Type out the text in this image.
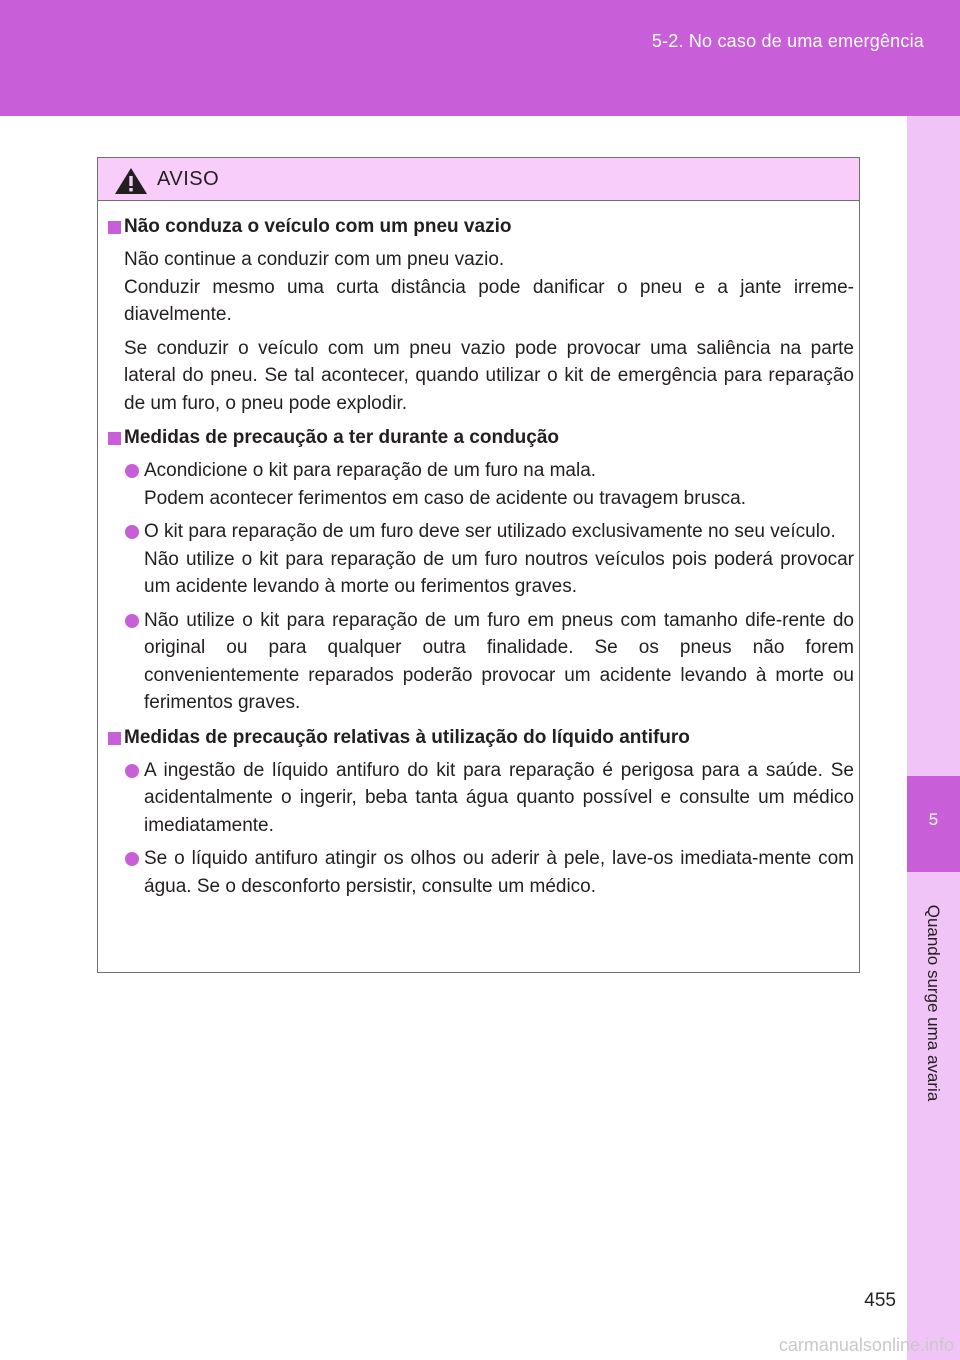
5-2. No caso de uma emergência
5
Quando surge uma avaria
AVISO
Não conduza o veículo com um pneu vazio
Não continue a conduzir com um pneu vazio.
Conduzir mesmo uma curta distância pode danificar o pneu e a jante irreme-diavelmente.
Se conduzir o veículo com um pneu vazio pode provocar uma saliência na parte lateral do pneu. Se tal acontecer, quando utilizar o kit de emergência para reparação de um furo, o pneu pode explodir.
Medidas de precaução a ter durante a condução
Acondicione o kit para reparação de um furo na mala.
Podem acontecer ferimentos em caso de acidente ou travagem brusca.
O kit para reparação de um furo deve ser utilizado exclusivamente no seu veículo.
Não utilize o kit para reparação de um furo noutros veículos pois poderá provocar um acidente levando à morte ou ferimentos graves.
Não utilize o kit para reparação de um furo em pneus com tamanho dife-rente do original ou para qualquer outra finalidade. Se os pneus não forem convenientemente reparados poderão provocar um acidente levando à morte ou ferimentos graves.
Medidas de precaução relativas à utilização do líquido antifuro
A ingestão de líquido antifuro do kit para reparação é perigosa para a saúde. Se acidentalmente o ingerir, beba tanta água quanto possível e consulte um médico imediatamente.
Se o líquido antifuro atingir os olhos ou aderir à pele, lave-os imediata-mente com água. Se o desconforto persistir, consulte um médico.
455
carmanualsonline.info
